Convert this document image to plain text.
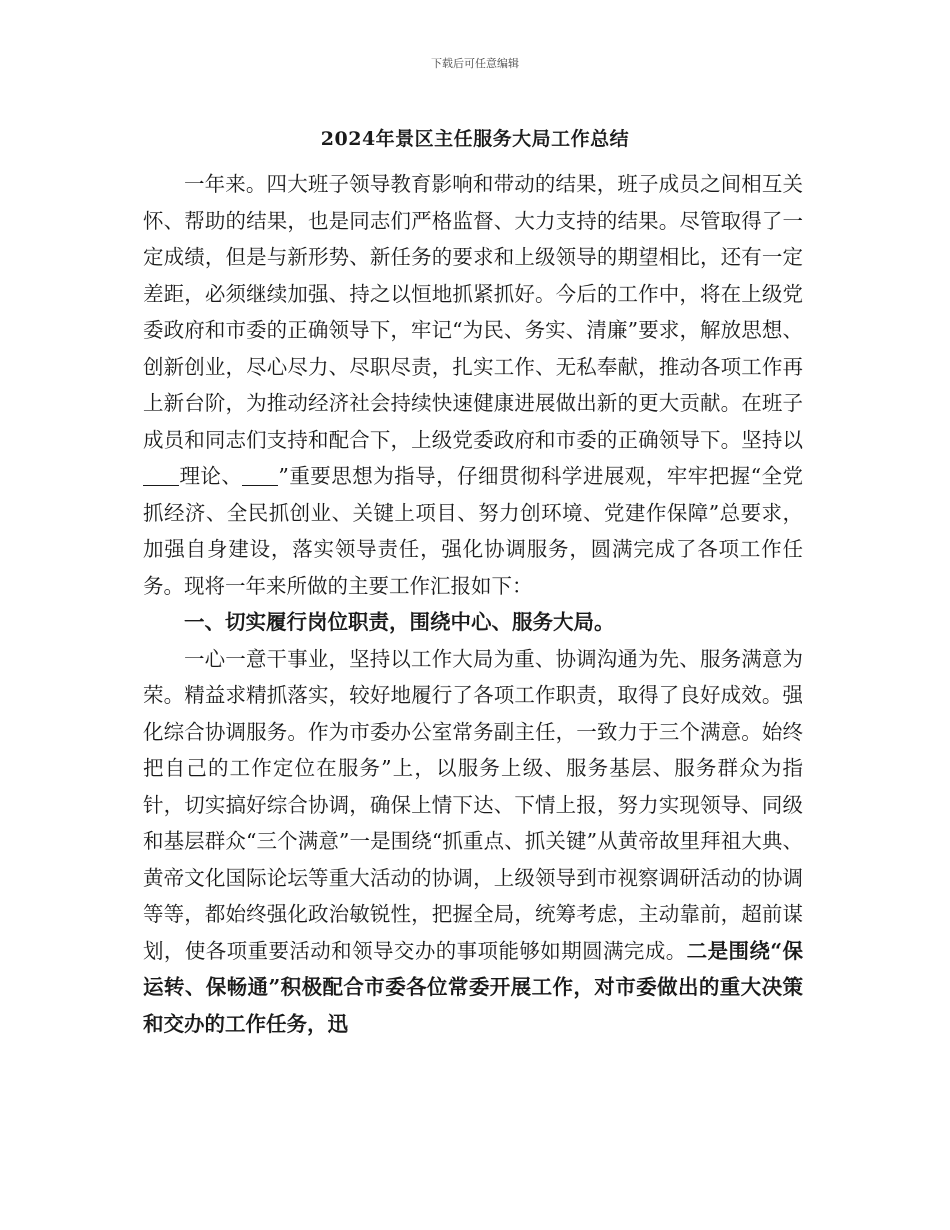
下载后可任意编辑
2024年景区主任服务大局工作总结

一年来。四大班子领导教育影响和带动的结果，班子成员之间相互关怀、帮助的结果，也是同志们严格监督、大力支持的结果。尽管取得了一定成绩，但是与新形势、新任务的要求和上级领导的期望相比，还有一定差距，必须继续加强、持之以恒地抓紧抓好。今后的工作中，将在上级党委政府和市委的正确领导下，牢记“为民、务实、清廉”要求，解放思想、创新创业，尽心尽力、尽职尽责，扎实工作、无私奉献，推动各项工作再上新台阶，为推动经济社会持续快速健康进展做出新的更大贡献。在班子成员和同志们支持和配合下，上级党委政府和市委的正确领导下。坚持以理论、 ”重要思想为指导，仔细贯彻科学进展观，牢牢把握“全党抓经济、全民抓创业、关键上项目、努力创环境、党建作保障”总要求，加强自身建设，落实领导责任，强化协调服务，圆满完成了各项工作任务。现将一年来所做的主要工作汇报如下：

一、切实履行岗位职责，围绕中心、服务大局。

一心一意干事业，坚持以工作大局为重、协调沟通为先、服务满意为荣。精益求精抓落实，较好地履行了各项工作职责，取得了良好成效。强化综合协调服务。作为市委办公室常务副主任，一致力于三个满意。始终把自己的工作定位在服务”上，以服务上级、服务基层、服务群众为指针，切实搞好综合协调，确保上情下达、下情上报，努力实现领导、同级和基层群众“三个满意”一是围绕“抓重点、抓关键”从黄帝故里拜祖大典、黄帝文化国际论坛等重大活动的协调，上级领导到市视察调研活动的协调等等，都始终强化政治敏锐性，把握全局，统筹考虑，主动靠前，超前谋划，使各项重要活动和领导交办的事项能够如期圆满完成。二是围绕“保运转、保畅通”积极配合市委各位常委开展工作，对市委做出的重大决策和交办的工作任务，迅
